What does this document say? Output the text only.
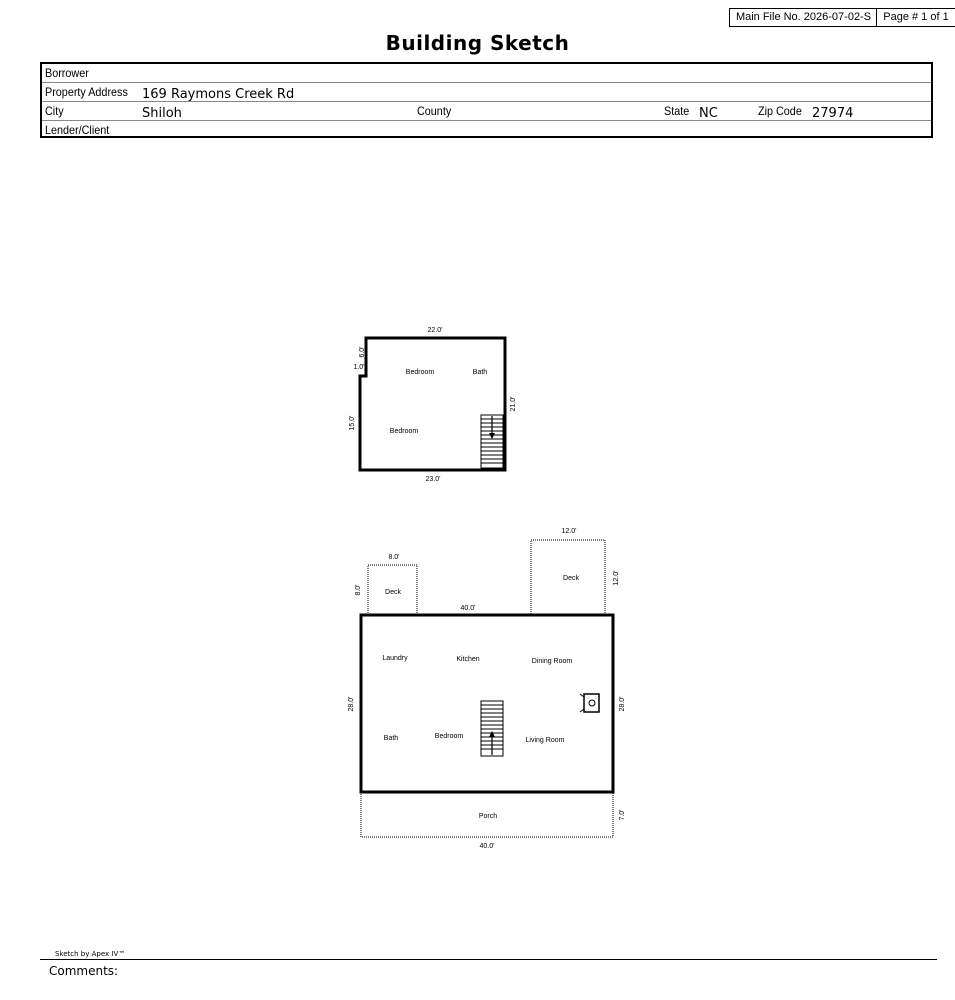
Main File No. 2026-07-02-S	Page # 1 of 1
Building Sketch
Borrower
Property Address 169 Raymons Creek Rd
City	Shiloh	County	State NC	Zip Code 27974
Lender/Client
22.0'
6.0'
1.0'
15.0'
21.0'
23.0'
Bedroom	Bath
Bedroom
8.0'
8.0'	Deck
12.0'
12.0'
Deck
40.0'
28.0'	28.0'
Laundry	Kitchen	Dining Room
Bath	Bedroom
Living Room
Porch	7.0'
40.0'
Sketch by Apex IV™
Comments:
